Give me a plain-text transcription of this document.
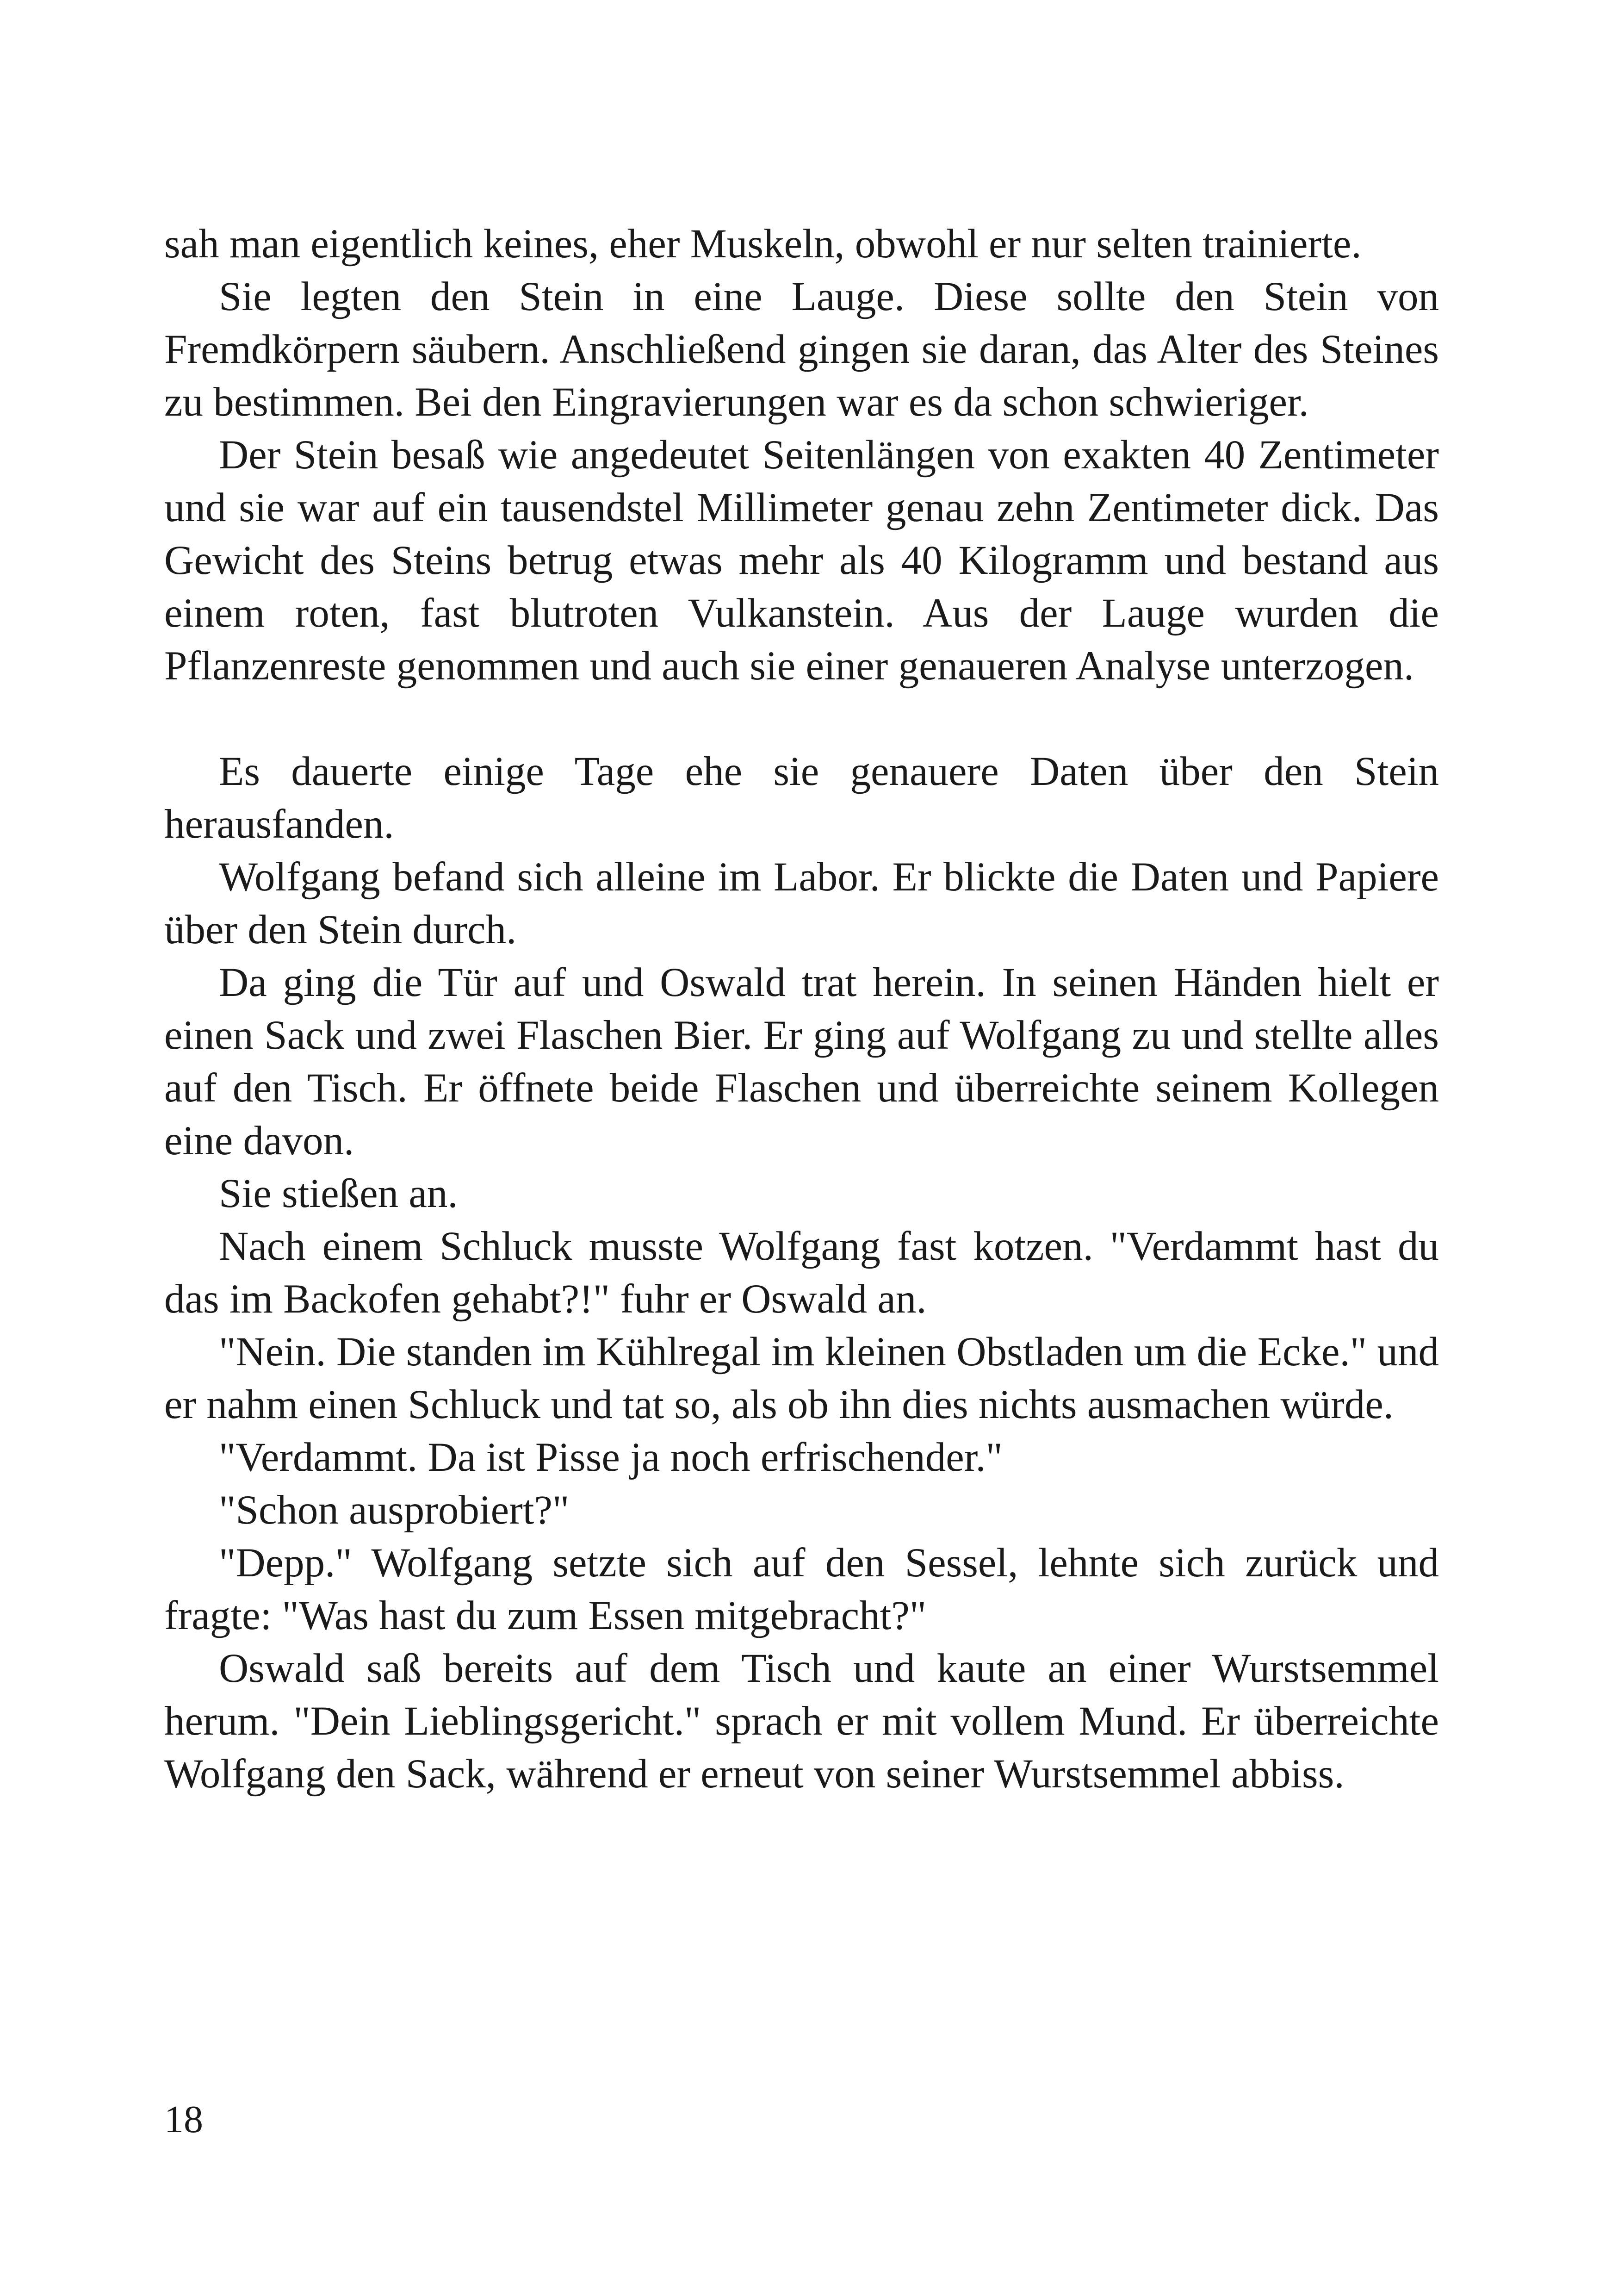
sah man eigentlich keines, eher Muskeln, obwohl er nur selten trainierte.

Sie legten den Stein in eine Lauge. Diese sollte den Stein von Fremdkörpern säubern. Anschließend gingen sie daran, das Alter des Steines zu bestimmen. Bei den Eingravierungen war es da schon schwieriger.

Der Stein besaß wie angedeutet Seitenlängen von exakten 40 Zentimeter und sie war auf ein tausendstel Millimeter genau zehn Zentimeter dick. Das Gewicht des Steins betrug etwas mehr als 40 Kilogramm und bestand aus einem roten, fast blutroten Vulkanstein. Aus der Lauge wurden die Pflanzenreste genommen und auch sie einer genaueren Analyse unterzogen.

Es dauerte einige Tage ehe sie genauere Daten über den Stein herausfanden.

Wolfgang befand sich alleine im Labor. Er blickte die Daten und Papiere über den Stein durch.

Da ging die Tür auf und Oswald trat herein. In seinen Händen hielt er einen Sack und zwei Flaschen Bier. Er ging auf Wolfgang zu und stellte alles auf den Tisch. Er öffnete beide Flaschen und überreichte seinem Kollegen eine davon.

Sie stießen an.

Nach einem Schluck musste Wolfgang fast kotzen. "Verdammt hast du das im Backofen gehabt?!" fuhr er Oswald an.

"Nein. Die standen im Kühlregal im kleinen Obstladen um die Ecke." und er nahm einen Schluck und tat so, als ob ihn dies nichts ausmachen würde.

"Verdammt. Da ist Pisse ja noch erfrischender."

"Schon ausprobiert?"

"Depp." Wolfgang setzte sich auf den Sessel, lehnte sich zurück und fragte: "Was hast du zum Essen mitgebracht?"

Oswald saß bereits auf dem Tisch und kaute an einer Wurstsemmel herum. "Dein Lieblingsgericht." sprach er mit vollem Mund. Er überreichte Wolfgang den Sack, während er erneut von seiner Wurstsemmel abbiss.

18
